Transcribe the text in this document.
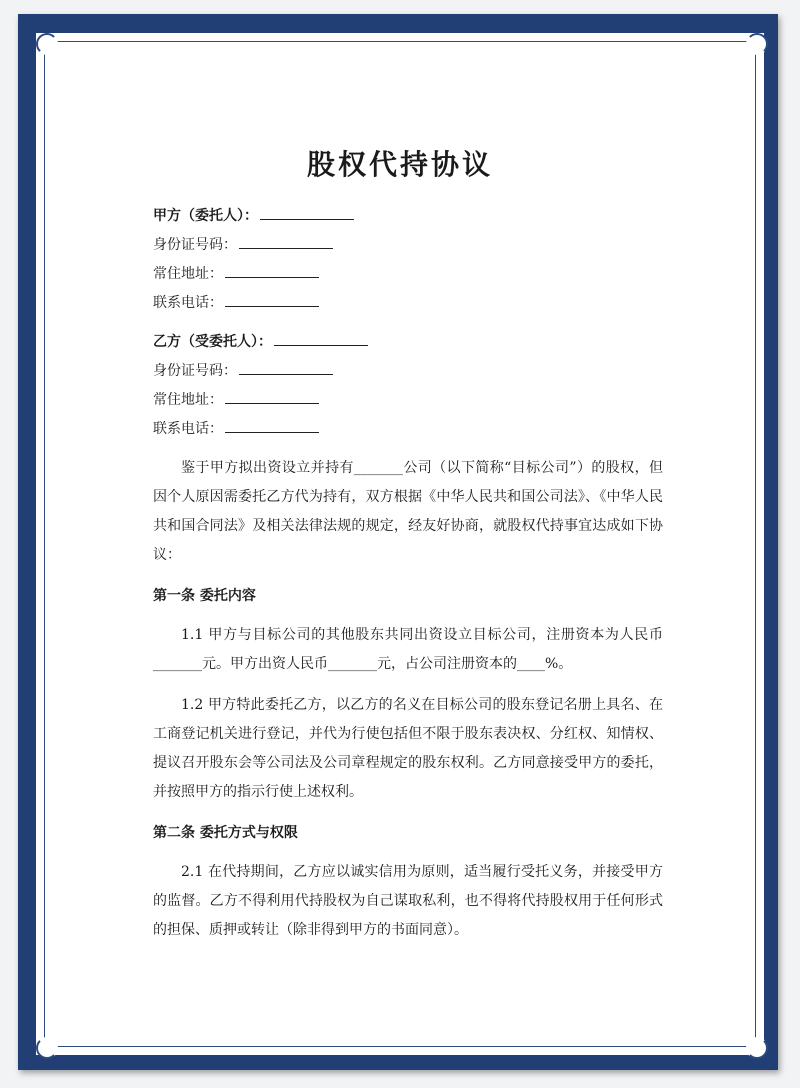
股权代持协议
甲方（委托人）：
身份证号码：
常住地址：
联系电话：
乙方（受委托人）：
身份证号码：
常住地址：
联系电话：

鉴于甲方拟出资设立并持有_______公司（以下简称“目标公司”）的股权，但因个人原因需委托乙方代为持有，双方根据《中华人民共和国公司法》、《中华人民共和国合同法》及相关法律法规的规定，经友好协商，就股权代持事宜达成如下协议：

第一条 委托内容

1.1 甲方与目标公司的其他股东共同出资设立目标公司，注册资本为人民币_______元。甲方出资人民币_______元，占公司注册资本的____%。

1.2 甲方特此委托乙方，以乙方的名义在目标公司的股东登记名册上具名、在工商登记机关进行登记，并代为行使包括但不限于股东表决权、分红权、知情权、提议召开股东会等公司法及公司章程规定的股东权利。乙方同意接受甲方的委托，并按照甲方的指示行使上述权利。

第二条 委托方式与权限

2.1 在代持期间，乙方应以诚实信用为原则，适当履行受托义务，并接受甲方的监督。乙方不得利用代持股权为自己谋取私利，也不得将代持股权用于任何形式的担保、质押或转让（除非得到甲方的书面同意）。
